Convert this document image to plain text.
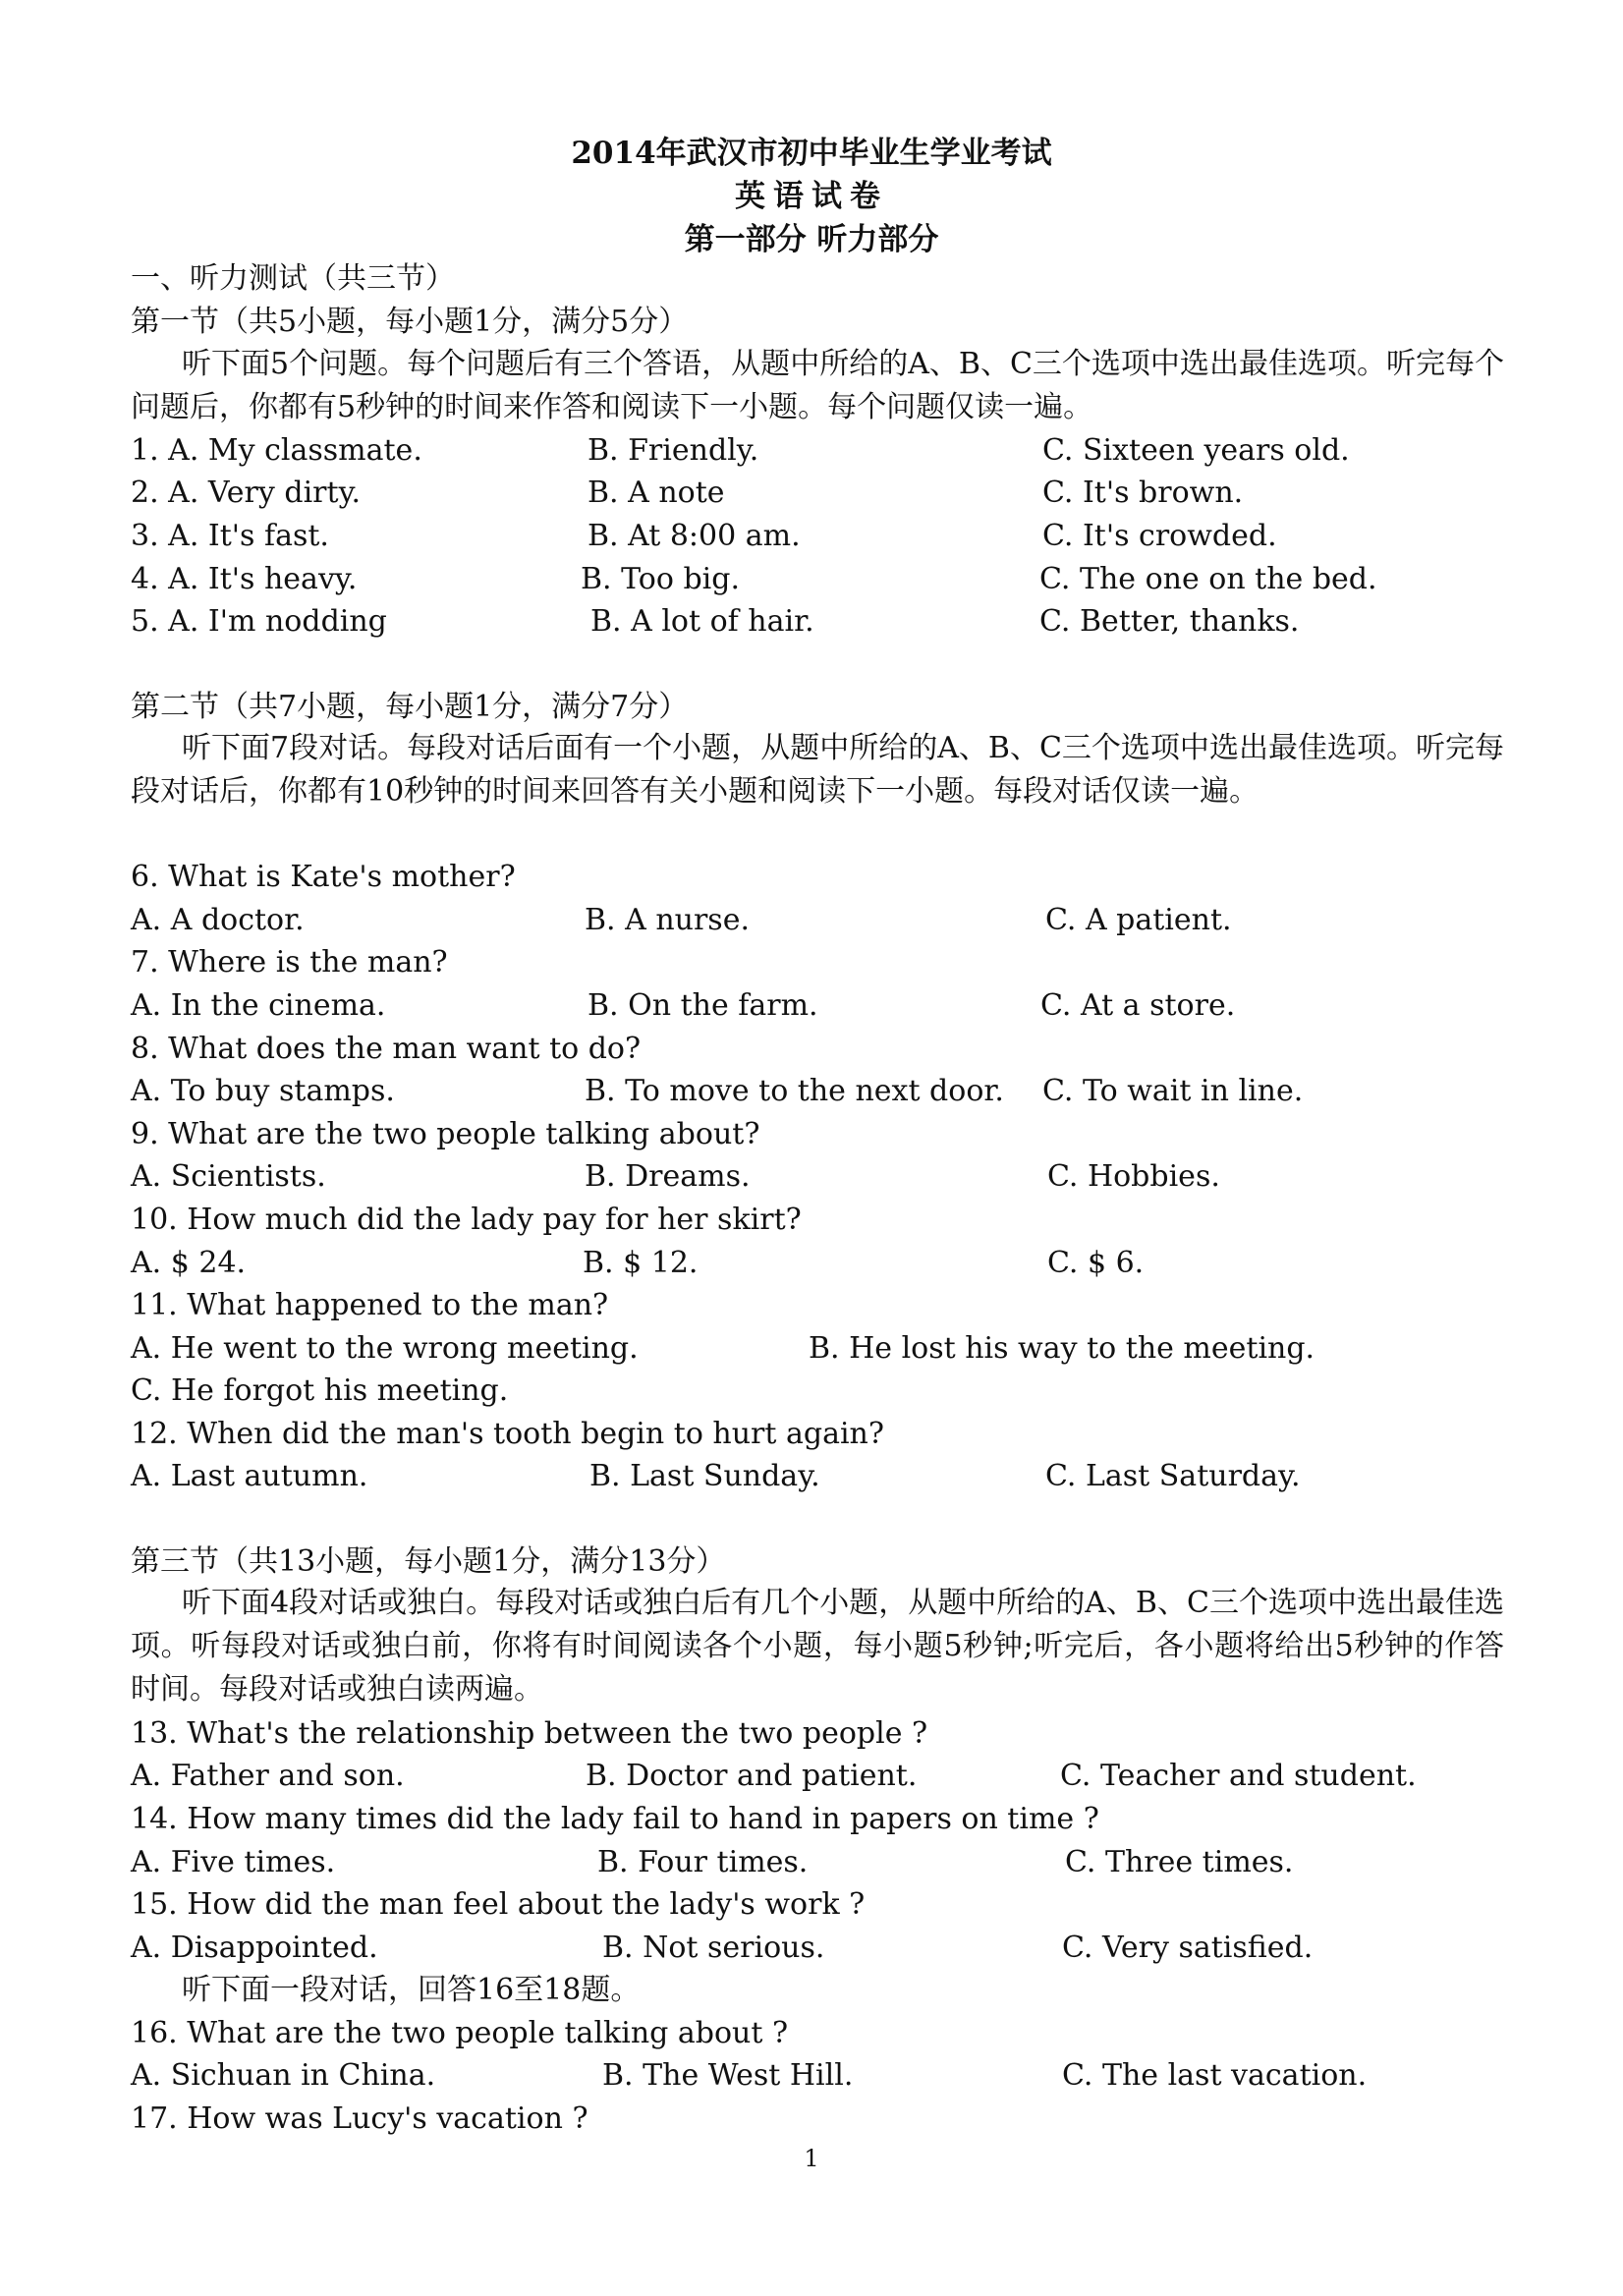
2014年武汉市初中毕业生学业考试
英语试卷
第一部分 听力部分
一、听力测试（共三节）
第一节（共5小题，每小题1分，满分5分）
听下面5个问题。每个问题后有三个答语，从题中所给的A、B、C三个选项中选出最佳选项。听完每个问题后，你都有5秒钟的时间来作答和阅读下一小题。每个问题仅读一遍。
1. A. My classmate.	B. Friendly.	C. Sixteen years old.
2. A. Very dirty.	B. A note	C. It's brown.
3. A. It's fast.	B. At 8:00 am.	C. It's crowded.
4. A. It's heavy.	B. Too big.	C. The one on the bed.
5. A. I'm nodding	B. A lot of hair.	C. Better, thanks.
第二节（共7小题，每小题1分，满分7分）
听下面7段对话。每段对话后面有一个小题，从题中所给的A、B、C三个选项中选出最佳选项。听完每段对话后，你都有10秒钟的时间来回答有关小题和阅读下一小题。每段对话仅读一遍。
6. What is Kate's mother?
A. A doctor.	B. A nurse.	C. A patient.
7. Where is the man?
A. In the cinema.	B. On the farm.	C. At a store.
8. What does the man want to do?
A. To buy stamps.	B. To move to the next door. C. To wait in line.
9. What are the two people talking about?
A. Scientists.	B. Dreams.	C. Hobbies.
10. How much did the lady pay for her skirt?
A. $ 24.	B. $ 12.	C. $ 6.
11. What happened to the man?
A. He went to the wrong meeting.	B. He lost his way to the meeting.
C. He forgot his meeting.
12. When did the man's tooth begin to hurt again?
A. Last autumn.	B. Last Sunday.	C. Last Saturday.
第三节（共13小题，每小题1分，满分13分）
听下面4段对话或独白。每段对话或独白后有几个小题，从题中所给的A、B、C三个选项中选出最佳选项。听每段对话或独白前，你将有时间阅读各个小题，每小题5秒钟;听完后，各小题将给出5秒钟的作答时间。每段对话或独白读两遍。
13. What's the relationship between the two people ?
A. Father and son.	B. Doctor and patient.	C. Teacher and student.
14. How many times did the lady fail to hand in papers on time ?
A. Five times.	B. Four times.	C. Three times.
15. How did the man feel about the lady's work ?
A. Disappointed.	B. Not serious.	C. Very satisfied.
听下面一段对话，回答16至18题。
16. What are the two people talking about ?
A. Sichuan in China.	B. The West Hill.	C. The last vacation.
17. How was Lucy's vacation ?
1
